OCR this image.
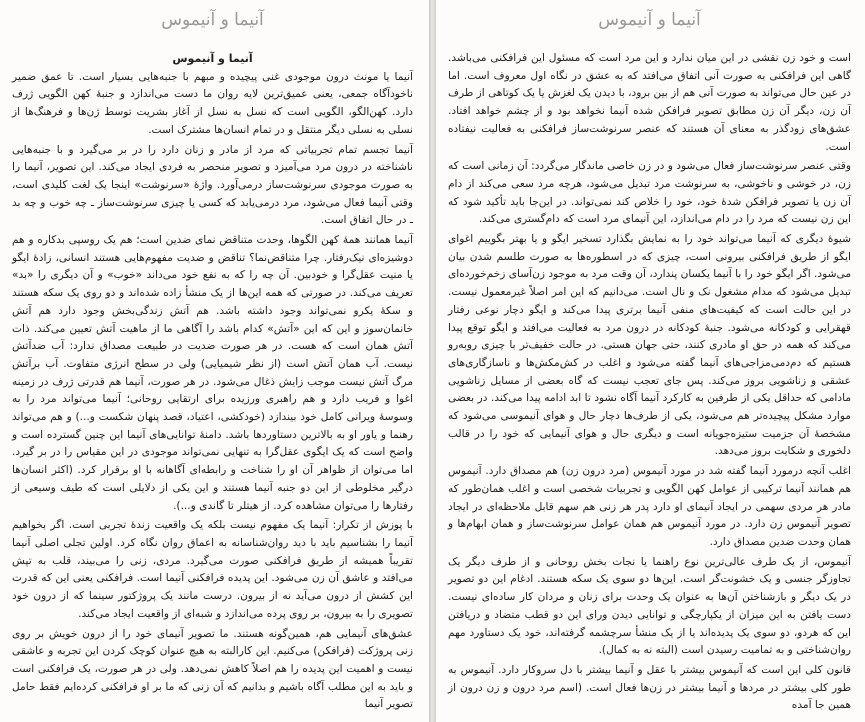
آنیما و آنیموس
آنیما و آنیموس

آنیما یا مونث درون موجودی غنی پیچیده و مبهم با جنبه‌هایی بسیار است. تا عمق ضمیر ناخودآگاه جمعی، یعنی عمیق‌ترین لایه روان ما دست می‌اندازد و جنبهٔ کهن الگویی ژرف دارد. کهن‌الگو، الگویی است که نسل به نسل از آغاز بشریت توسط ژن‌ها و فرهنگ‌ها از نسلی به نسلی دیگر منتقل و در تمام انسان‌ها مشترک است.

آنیما تجسم تمام تجربیاتی که مرد از مادر و زنان دارد را در بر می‌گیرد و با جنبه‌هایی ناشناخته در درون مرد می‌آمیزد و تصویر منحصر به فردی ایجاد می‌کند. این تصویر، آنیما را به صورت موجودی سرنوشت‌ساز درمی‌آورد. واژهٔ «سرنوشت» اینجا یک لغت کلیدی است، وقتی آنیما فعال می‌شود، مرد درمی‌یابد که کسی یا چیزی سرنوشت‌ساز ـ چه خوب و چه بد ـ در حال اتفاق است.

آنیما همانند همهٔ کهن الگوها، وحدت متناقض نمای ضدین است؛ هم یک روسپی بدکاره و هم دوشیزه‌ای نیک‌رفتار. چرا متناقض‌نما؟ تناقض و ضدیت مفهوم‌هایی هستند انسانی، زادهٔ ایگو یا منیت عقل‌گرا و خودبین. آن چه را که به نفع خود می‌داند «خوب» و آن دیگری را «بد» تعریف می‌کند. در صورتی که همه این‌ها از یک منشأ زاده شده‌اند و دو روی یک سکه هستند و سکهٔ یکرو نمی‌تواند وجود داشته باشد. هم آتش زندگی‌بخش وجود دارد هم آتش خانمان‌سوز و این که این «آتش» کدام باشد را آگاهی ما از ماهیت آتش تعیین می‌کند. ذات آتش همان است که هست. در هر صورت ضدیت در طبیعت مصداق ندارد: آب ضدآتش نیست. آب همان آتش است (از نظر شیمیایی) ولی در سطح انرژی متفاوت. آب برآتش مرگ آتش نیست موجب زایش ذغال می‌شود. در هر صورت، آنیما هم قدرتی ژرف در زمینه اغوا و فریب دارد و هم راهبری ورزیده برای ارتقایی روحانی؛ آنیما می‌تواند مرد را به وسوسهٔ ویرانی کامل خود بیندازد (خودکشی، اعتیاد، قصد پنهان شکست و...) و هم می‌تواند رهنما و یاور او به بالاترین دستاوردها باشد. دامنهٔ توانایی‌های آنیما این چنین گسترده است و واضح است که یک ایگوی عقل‌گرا به تنهایی نمی‌تواند موجودی در این مقیاس را در بر گیرد. اما می‌توان از ظواهر آن او را شناخت و رابطه‌ای آگاهانه با او برقرار کرد. (اکثر انسان‌ها درگیر مخلوطی از این دو جنبه آنیما هستند و این یکی از دلایلی است که طیف وسیعی از رفتارها را می‌توان مشاهده کرد. از هیتلر تا گاندی و...).

با پوزش از تکرار: آنیما یک مفهوم نیست بلکه یک واقعیت زندهٔ تجربی است. اگر بخواهیم آنیما را بشناسیم باید با دید روان‌شناسانه به اعماق روان نگاه کرد. اولین تجلی اصلی آنیما تقریباً همیشه از طریق فرافکنی صورت می‌گیرد. مردی، زنی را می‌بیند، قلب به تپش می‌افتد و عاشق آن زن می‌شود. این پدیده فرافکنی آنیما است. فرافکنی یعنی این که قدرت این کشش از درون می‌آید نه از بیرون. درست مانند یک پروژکتور سینما که از درون خود تصویری را به بیرون، بر روی پرده می‌اندازد و شبه‌ای از واقعیت ایجاد می‌کند.

عشق‌های آنیمایی هم، همین‌گونه هستند. ما تصویر آنیمای خود را از درون خویش بر روی زنی پروژکت (فرافکن) می‌کنیم. این کارالبته به هیچ عنوان کوچک کردن این تجربه و عاشقی نیست و اهمیت این پدیده را هم اصلاً کاهش نمی‌دهد. ولی در هر صورت، یک فرافکنی است و باید به این مطلب آگاه باشیم و بدانیم که آن زنی که ما بر او فرافکنی کرده‌ایم فقط حامل تصویر آنیما

آنیما و آنیموس

است و خود زن نقشی در این میان ندارد و این مرد است که مسئول این فرافکنی می‌باشد. گاهی این فرافکنی به صورت آنی اتفاق می‌افتد که به عشق در نگاه اول معروف است. اما در عین حال می‌تواند به صورت آنی هم از بین برود، با دیدن یک لغزش یا یک کوتاهی از طرف آن زن، دیگر آن زن مطابق تصویر فرافکن شده آنیما نخواهد بود و از چشم خواهد افتاد. عشق‌های زودگذر به معنای آن هستند که عنصر سرنوشت‌ساز فرافکنی به فعالیت نیفتاده است.

وقتی عنصر سرنوشت‌ساز فعال می‌شود و در زن خاصی ماندگار می‌گردد: آن زمانی است که زن، در خوشی و ناخوشی، به سرنوشت مرد تبدیل می‌شود، هرچه مرد سعی می‌کند از دام آن زن یا تصویر فرافکن شدهٔ خود، خود را خلاص کند نمی‌تواند. در این‌جا باید تأکید شود که این زن نیست که مرد را در دام می‌اندازد، این آنیمای مرد است که دام‌گستری می‌کند.

شیوهٔ دیگری که آنیما می‌تواند خود را به نمایش بگذارد تسخیر ایگو و یا بهتر بگوییم اغوای ایگو از طریق فرافکنی بیرونی است، چیزی که در اسطوره‌ها به صورت طلسم شدن بیان می‌شود. اگر ایگو خود را با آنیما یکسان پندارد، آن وقت مرد به موجود زن‌آسای زخم‌خورده‌ای تبدیل می‌شود که مدام مشغول نک و نال است. می‌دانیم که این امر اصلاً غیرمعمول نیست. در این حالت است که کیفیت‌های منفی آنیما برتری پیدا می‌کند و ایگو دچار نوعی رفتار قهقرایی و کودکانه می‌شود. جنبهٔ کودکانه در درون مرد به فعالیت می‌افتد و ایگو توقع پیدا می‌کند که همه در حق او مادری کنند، حتی جهان هستی. در حالت خفیف‌تر با چیزی روبه‌رو هستیم که دم‌دمی‌مزاجی‌های آنیما گفته می‌شود و اغلب در کش‌مکش‌ها و ناسازگاری‌های عشقی و زناشویی بروز می‌کند. پس جای تعجب نیست که گاه بعضی از مسایل زناشویی مادامی که حداقل یکی از طرفین به کارکرد آنیما آگاه نشود تا ابد ادامه پیدا می‌کند. در بعضی موارد مشکل پیچیده‌تر هم می‌شود، یکی از طرف‌ها دچار حال و هوای آنیموسی می‌شود که مشخصهٔ آن جزمیت ستیزه‌جویانه است و دیگری حال و هوای آنیمایی که خود را در قالب دلخوری و شکایت بروز می‌دهد.

اغلب آنچه درمورد آنیما گفته شد در مورد آنیموس (مرد درون زن) هم مصداق دارد. آنیموس هم همانند آنیما ترکیبی از عوامل کهن الگویی و تجربیات شخصی است و اغلب همان‌طور که مادر هر مردی سهمی در ایجاد آنیمای او دارد پدر هر زنی هم سهم قابل ملاحظه‌ای در ایجاد تصویر آنیموس زن دارد. در مورد آنیموس هم همان عوامل سرنوشت‌ساز و همان ابهام‌ها و همان وحدت ضدین مصداق دارد.

آنیموس، از یک طرف عالی‌ترین نوع راهنما یا نجات بخش روحانی و از طرف دیگر یک تجاوزگر جنسی و یک خشونت‌گر است. این‌ها دو سوی یک سکه هستند. ادغام این دو تصویر در یک دیگر و بازشناختن آن‌ها به عنوان یک وحدت برای زنان و مردان کار ساده‌ای نیست. دست یافتن به این میزان از یکپارچگی و توانایی دیدن ورای این دو قطب متضاد و دریافتن این که هردو، دو سوی یک پدیده‌اند یا از یک منشأ سرچشمه گرفته‌اند، خود یک دستاورد مهم روان‌شناختی و به تمامیت رسیدن است (البته نه به کمال).

قانون کلی این است که آنیموس بیشتر با عقل و آنیما بیشتر با دل سروکار دارد. آنیموس به طور کلی بیشتر در مردها و آنیما بیشتر در زن‌ها فعال است. (اسم مرد درون و زن درون از همین جا آمده
